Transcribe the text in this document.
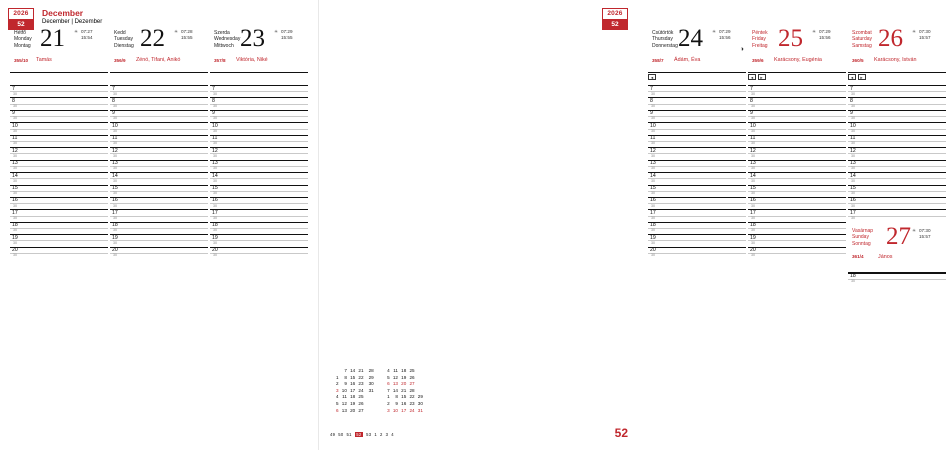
2026
52
December
December | Dezember
Hétfő
Monday
Montag 21 ☀ 07:27
15:54
355/10 Tamás
7
30
8
30
9
30
10
30
11
30
12
30
13
30
14
30
15
30
16
30
17
30
18
30
19
30
20
30
Kedd
Tuesday
Dienstag 22 ☀ 07:28
15:55
356/9 Zénó, Tifani, Anikó
7
30
8
30
9
30
10
30
11
30
12
30
13
30
14
30
15
30
16
30
17
30
18
30
19
30
20
30
Szerda
Wednesday
Mittwoch 23 ☀ 07:29
15:55
357/8 Viktória, Niké
7
30
8
30
9
30
10
30
11
30
12
30
13
30
14
30
15
30
16
30
17
30
18
30
19
30
20
30
2026
52
Csütörtök
Thursday
Donnerstag 24 ☀ 07:29
15:56
◑
358/7 Ádám, Éva
◂
7
30
8
30
9
30
10
30
11
30
12
30
13
30
14
30
15
30
16
30
17
30
18
30
19
30
20
30
Péntek
Friday
Freitag 25 ☀ 07:29
15:56
359/6 Karácsony, Eugénia
◂ ▸
7
30
8
30
9
30
10
30
11
30
12
30
13
30
14
30
15
30
16
30
17
30
18
30
19
30
20
30
Szombat
Saturday
Samstag 26 ☀ 07:30
15:57
360/5 Karácsony, István
◂ ▸
7
30
8
30
9
30
10
30
11
30
12
30
13
30
14
30
15
30
16
30
17
30
Vasárnap
Sunday
Sonntag 27 ☀ 07:30
15:57
361/4	János
18
30
52
	7	14	21	28		4	11	18	25	
1	8	15	22	29		5	12	19	26	
2	9	16	23	30		6	13	20	27	
3	10	17	24	31		7	14	21	28	
4	11	18	25			1	8	15	22	29
5	12	19	26			2	9	16	23	30
6	13	20	27			3	10	17	24	31
49 50 51 52 53 1 2 3 4
